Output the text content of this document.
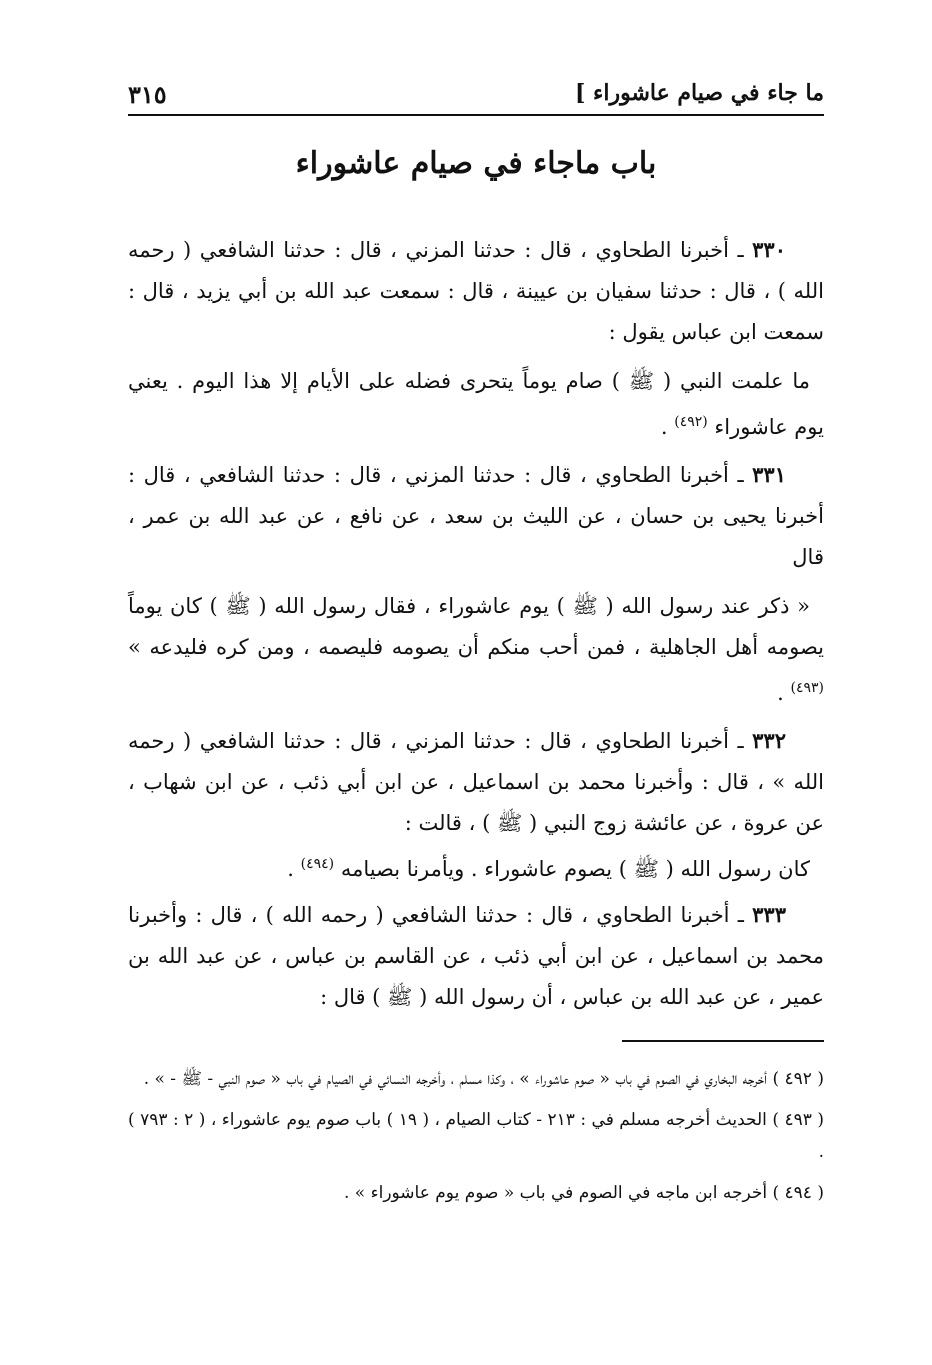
ما جاء في صيام عاشوراء ]
٣١٥
باب ماجاء في صيام عاشوراء

٣٣٠ ـ أخبرنا الطحاوي ، قال : حدثنا المزني ، قال : حدثنا الشافعي ( رحمه الله ) ، قال : حدثنا سفيان بن عيينة ، قال : سمعت عبد الله بن أبي يزيد ، قال : سمعت ابن عباس يقول :

ما علمت النبي ( ﷺ ) صام يوماً يتحرى فضله على الأيام إلا هذا اليوم . يعني يوم عاشوراء $^{(٤٩٢)}$ .

٣٣١ ـ أخبرنا الطحاوي ، قال : حدثنا المزني ، قال : حدثنا الشافعي ، قال : أخبرنا يحيى بن حسان ، عن الليث بن سعد ، عن نافع ، عن عبد الله بن عمر ، قال

« ذكر عند رسول الله ( ﷺ ) يوم عاشوراء ، فقال رسول الله ( ﷺ ) كان يوماً يصومه أهل الجاهلية ، فمن أحب منكم أن يصومه فليصمه ، ومن كره فليدعه » $^{(٤٩٣)}$ .

٣٣٢ ـ أخبرنا الطحاوي ، قال : حدثنا المزني ، قال : حدثنا الشافعي ( رحمه الله » ، قال : وأخبرنا محمد بن اسماعيل ، عن ابن أبي ذئب ، عن ابن شهاب ، عن عروة ، عن عائشة زوج النبي ( ﷺ ) ، قالت :

كان رسول الله ( ﷺ ) يصوم عاشوراء . ويأمرنا بصيامه $^{(٤٩٤)}$ .

٣٣٣ ـ أخبرنا الطحاوي ، قال : حدثنا الشافعي ( رحمه الله ) ، قال : وأخبرنا محمد بن اسماعيل ، عن ابن أبي ذئب ، عن القاسم بن عباس ، عن عبد الله بن عمير ، عن عبد الله بن عباس ، أن رسول الله ( ﷺ ) قال :

( ٤٩٢ ) أخرجه البخاري في الصوم في باب « صوم عاشوراء » ، وكذا مسلم ، وأخرجه النسائي في الصيام في باب « صوم النبي - ﷺ - » .

( ٤٩٣ ) الحديث أخرجه مسلم في : ٢١٣ - كتاب الصيام ، ( ١٩ ) باب صوم يوم عاشوراء ، ( ٢ : ٧٩٣ ) .

( ٤٩٤ ) أخرجه ابن ماجه في الصوم في باب « صوم يوم عاشوراء » .
